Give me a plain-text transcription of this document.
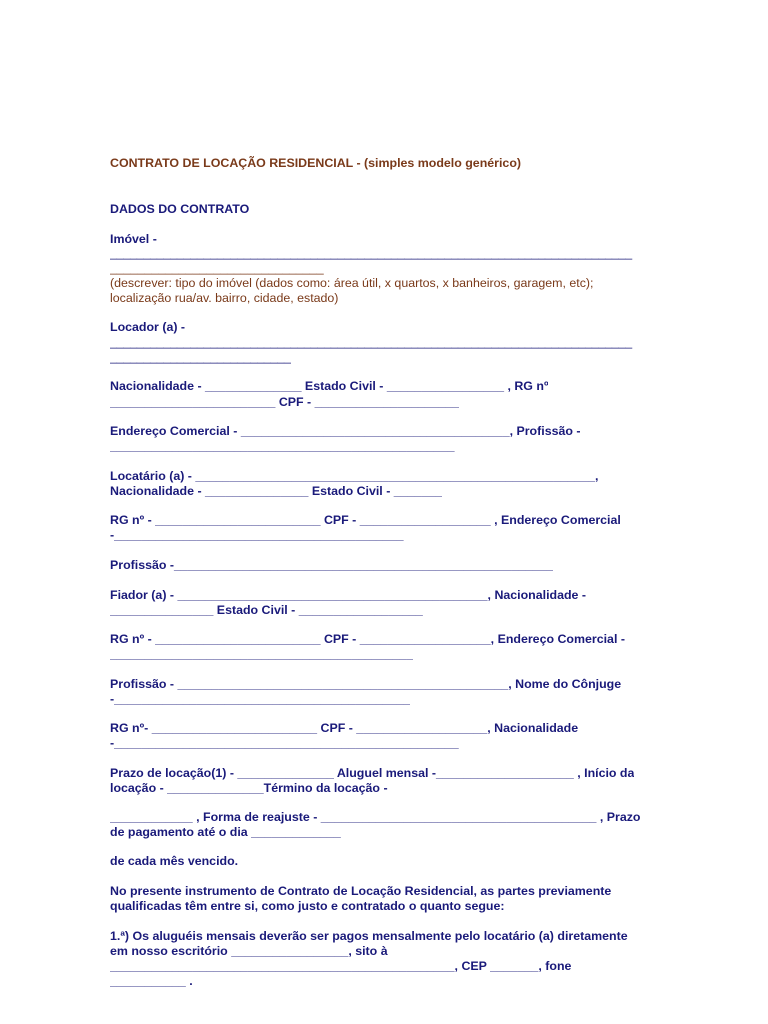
CONTRATO DE LOCAÇÃO RESIDENCIAL - (simples modelo genérico)
DADOS DO CONTRATO
Imóvel -
______________________________________________________________________________
_______________________________
(descrever: tipo do imóvel (dados como: área útil, x quartos, x banheiros, garagem, etc);
localização rua/av. bairro, cidade, estado)
Locador (a) -
______________________________________________________________________________
___________________________
Nacionalidade - ______________ Estado Civil - _________________ , RG nº
________________________ CPF - _____________________
Endereço Comercial - _______________________________________, Profissão -
__________________________________________________
Locatário (a) - __________________________________________________________,
Nacionalidade - _______________ Estado Civil - _______
RG nº - ________________________ CPF - ___________________ , Endereço Comercial
-__________________________________________
Profissão -_______________________________________________________
Fiador (a) - _____________________________________________, Nacionalidade -
_______________ Estado Civil - __________________
RG nº - ________________________ CPF - ___________________, Endereço Comercial -
____________________________________________
Profissão - ________________________________________________, Nome do Cônjuge
-___________________________________________
RG nº- ________________________ CPF - ___________________, Nacionalidade
-__________________________________________________
Prazo de locação(1) - ______________ Aluguel mensal -____________________ , Início da
locação - ______________Término da locação -
____________ , Forma de reajuste - ________________________________________ , Prazo
de pagamento até o dia _____________
de cada mês vencido.
No presente instrumento de Contrato de Locação Residencial, as partes previamente
qualificadas têm entre si, como justo e contratado o quanto segue:
1.ª) Os aluguéis mensais deverão ser pagos mensalmente pelo locatário (a) diretamente
em nosso escritório _________________, sito à
__________________________________________________, CEP _______, fone
___________ .
